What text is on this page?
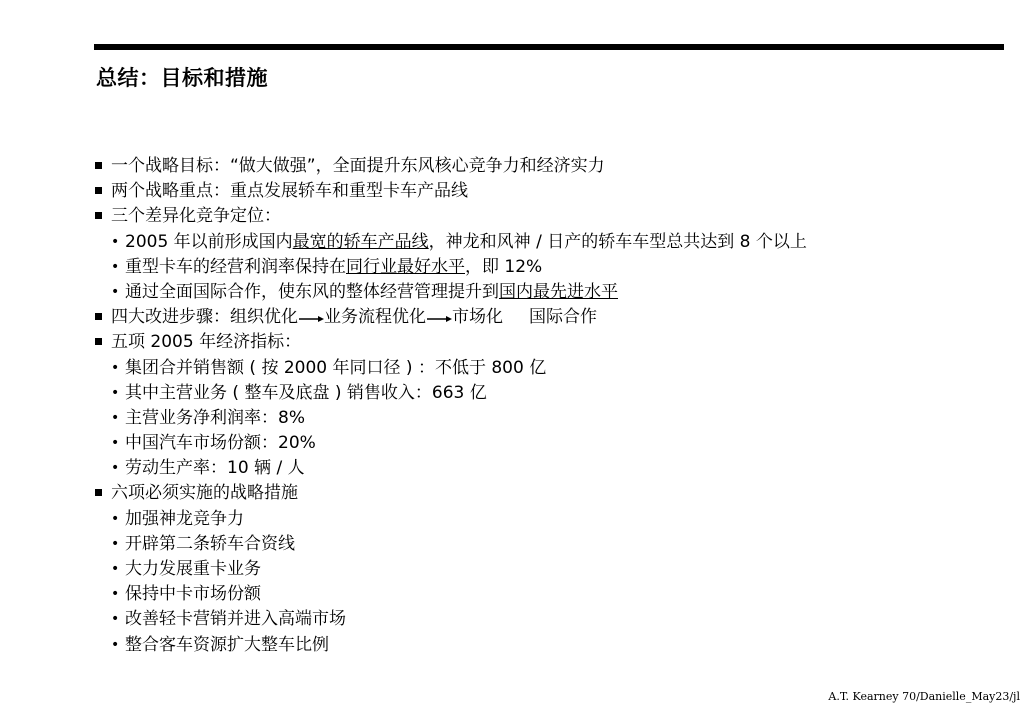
总结：目标和措施
一个战略目标：“做大做强”，全面提升东风核心竞争力和经济实力
两个战略重点：重点发展轿车和重型卡车产品线
三个差异化竞争定位：
• 2005 年以前形成国内最宽的轿车产品线，神龙和风神 / 日产的轿车车型总共达到 8 个以上
• 重型卡车的经营利润率保持在同行业最好水平，即 12%
• 通过全面国际合作，使东风的整体经营管理提升到国内最先进水平
四大改进步骤：组织优化 业务流程优化 市场化 国际合作
五项 2005 年经济指标：
• 集团合并销售额 ( 按 2000 年同口径 ) ：不低于 800 亿
• 其中主营业务 ( 整车及底盘 ) 销售收入：663 亿
• 主营业务净利润率：8%
• 中国汽车市场份额：20%
• 劳动生产率：10 辆 / 人
六项必须实施的战略措施
• 加强神龙竞争力
• 开辟第二条轿车合资线
• 大力发展重卡业务
• 保持中卡市场份额
• 改善轻卡营销并进入高端市场
• 整合客车资源扩大整车比例
A.T. Kearney 70/Danielle_May23/jl
